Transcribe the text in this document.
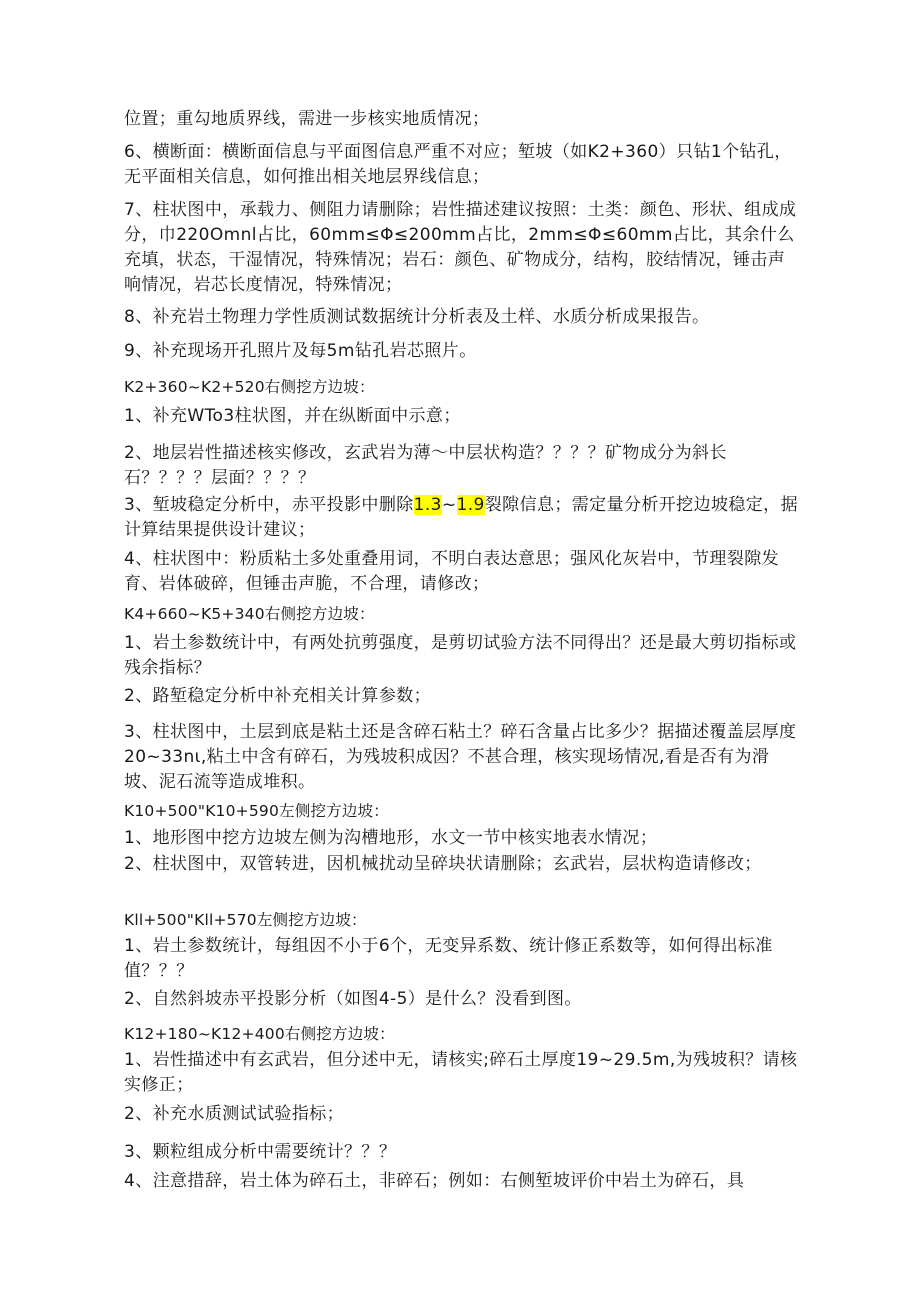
位置；重勾地质界线，需进一步核实地质情况；

6、横断面：横断面信息与平面图信息严重不对应；堑坡（如K2+360）只钻1个钻孔，无平面相关信息，如何推出相关地层界线信息；

7、柱状图中，承载力、侧阻力请删除；岩性描述建议按照：土类：颜色、形状、组成成分，巾220Omnl占比，60mm≤Φ≤200mm占比，2mm≤Φ≤60mm占比，其余什么充填，状态，干湿情况，特殊情况；岩石：颜色、矿物成分，结构，胶结情况，锤击声响情况，岩芯长度情况，特殊情况；

8、补充岩土物理力学性质测试数据统计分析表及土样、水质分析成果报告。

9、补充现场开孔照片及每5m钻孔岩芯照片。

K2+360~K2+520右侧挖方边坡：

1、补充WTo3柱状图，并在纵断面中示意；

2、地层岩性描述核实修改，玄武岩为薄～中层状构造？？？？矿物成分为斜长石？？？？层面？？？？

3、堑坡稳定分析中，赤平投影中删除1.3~1.9裂隙信息；需定量分析开挖边坡稳定，据计算结果提供设计建议；

4、柱状图中：粉质粘土多处重叠用词，不明白表达意思；强风化灰岩中，节理裂隙发育、岩体破碎，但锤击声脆，不合理，请修改；

K4+660~K5+340右侧挖方边坡：

1、岩土参数统计中，有两处抗剪强度，是剪切试验方法不同得出？还是最大剪切指标或残余指标？

2、路堑稳定分析中补充相关计算参数；

3、柱状图中，土层到底是粘土还是含碎石粘土？碎石含量占比多少？据描述覆盖层厚度20~33nι,粘土中含有碎石，为残坡积成因？不甚合理，核实现场情况,看是否有为滑坡、泥石流等造成堆积。

K10+500"K10+590左侧挖方边坡：

1、地形图中挖方边坡左侧为沟槽地形，水文一节中核实地表水情况；

2、柱状图中，双管转进，因机械扰动呈碎块状请删除；玄武岩，层状构造请修改；

Kll+500"Kll+570左侧挖方边坡：

1、岩土参数统计，每组因不小于6个，无变异系数、统计修正系数等，如何得出标准值？？？

2、自然斜坡赤平投影分析（如图4-5）是什么？没看到图。

K12+180~K12+400右侧挖方边坡：

1、岩性描述中有玄武岩，但分述中无，请核实;碎石土厚度19~29.5m,为残坡积？请核实修正；

2、补充水质测试试验指标；

3、颗粒组成分析中需要统计？？？

4、注意措辞，岩土体为碎石土，非碎石；例如：右侧堑坡评价中岩土为碎石，具
